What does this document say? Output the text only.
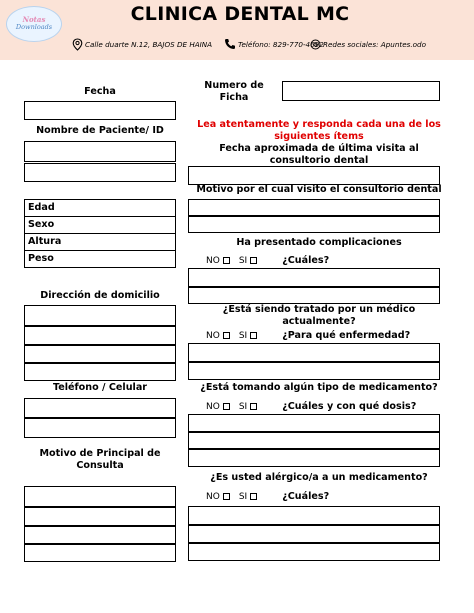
Notas
Downloads
CLINICA DENTAL MC
Calle duarte N.12, BAJOS DE HAINA	Teléfono: 829-770-4692 Redes sociales: Apuntes.odo
Fecha
Nombre de Paciente/ ID
Edad
Sexo
Altura
Peso
Dirección de domicilio
Teléfono / Celular
Motivo de Principal de Consulta
Numero de Ficha
Lea atentamente y responda cada una de los siguientes ítems
Fecha aproximada de última visita al consultorio dental
Motivo por el cual visito el consultorio dental
Ha presentado complicaciones
NO SI	¿Cuáles?
¿Está siendo tratado por un médico actualmente?
NO SI	¿Para qué enfermedad?
¿Está tomando algún tipo de medicamento?
NO SI	¿Cuáles y con qué dosis?
¿Es usted alérgico/a a un medicamento?
NO SI	¿Cuáles?
